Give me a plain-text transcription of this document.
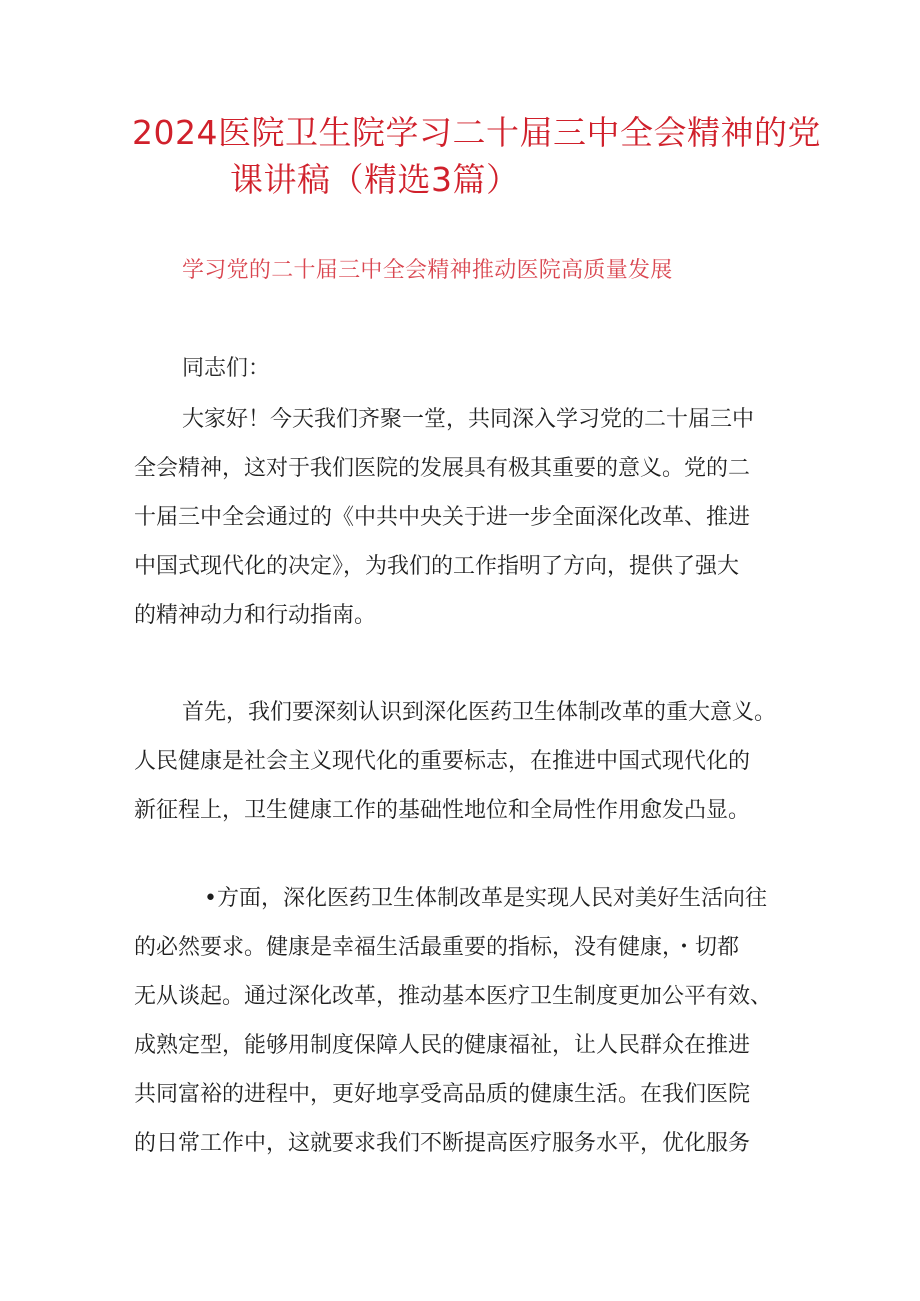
2024医院卫生院学习二十届三中全会精神的党
课讲稿（精选3篇）
学习党的二十届三中全会精神推动医院高质量发展
同志们：
大家好！今天我们齐聚一堂，共同深入学习党的二十届三中
全会精神，这对于我们医院的发展具有极其重要的意义。党的二
十届三中全会通过的《中共中央关于进一步全面深化改革、推进
中国式现代化的决定》，为我们的工作指明了方向，提供了强大
的精神动力和行动指南。
首先，我们要深刻认识到深化医药卫生体制改革的重大意义。
人民健康是社会主义现代化的重要标志，在推进中国式现代化的
新征程上，卫生健康工作的基础性地位和全局性作用愈发凸显。
•方面，深化医药卫生体制改革是实现人民对美好生活向往
的必然要求。健康是幸福生活最重要的指标，没有健康，・切都
无从谈起。通过深化改革，推动基本医疗卫生制度更加公平有效、
成熟定型，能够用制度保障人民的健康福祉，让人民群众在推进
共同富裕的进程中，更好地享受高品质的健康生活。在我们医院
的日常工作中，这就要求我们不断提高医疗服务水平，优化服务
